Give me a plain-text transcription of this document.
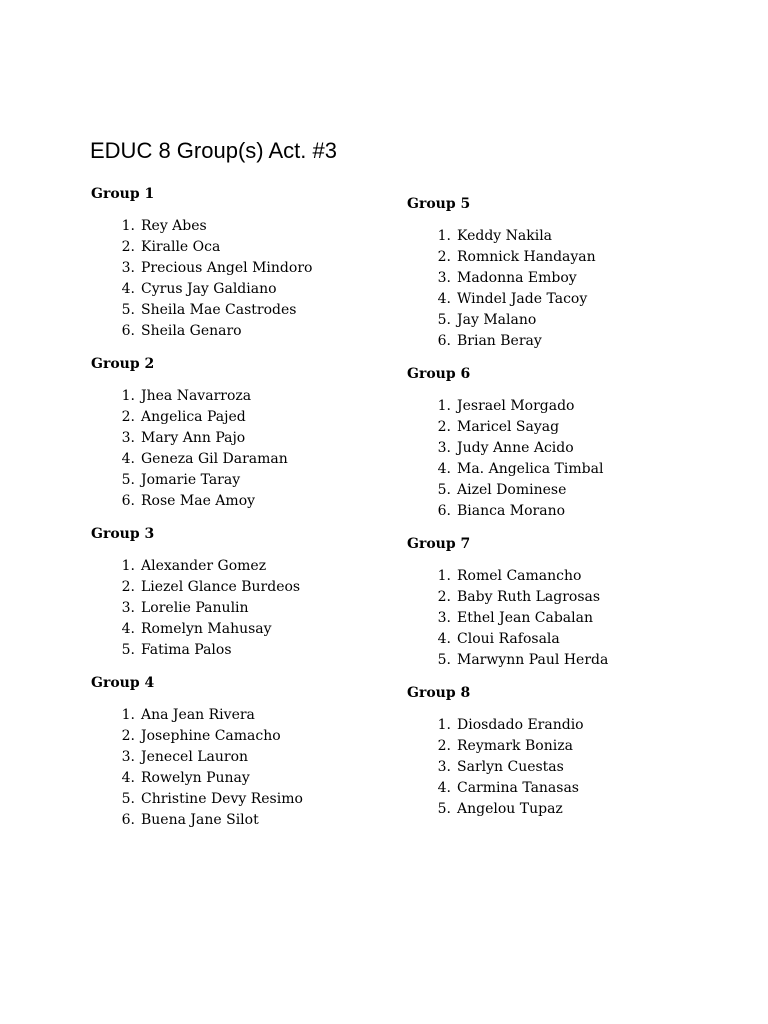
EDUC 8 Group(s) Act. #3
Group 1
1. Rey Abes
2. Kiralle Oca
3. Precious Angel Mindoro
4. Cyrus Jay Galdiano
5. Sheila Mae Castrodes
6. Sheila Genaro
Group 2
1. Jhea Navarroza
2. Angelica Pajed
3. Mary Ann Pajo
4. Geneza Gil Daraman
5. Jomarie Taray
6. Rose Mae Amoy
Group 3
1. Alexander Gomez
2. Liezel Glance Burdeos
3. Lorelie Panulin
4. Romelyn Mahusay
5. Fatima Palos
Group 4
1. Ana Jean Rivera
2. Josephine Camacho
3. Jenecel Lauron
4. Rowelyn Punay
5. Christine Devy Resimo
6. Buena Jane Silot
Group 5
1. Keddy Nakila
2. Romnick Handayan
3. Madonna Emboy
4. Windel Jade Tacoy
5. Jay Malano
6. Brian Beray
Group 6
1. Jesrael Morgado
2. Maricel Sayag
3. Judy Anne Acido
4. Ma. Angelica Timbal
5. Aizel Dominese
6. Bianca Morano
Group 7
1. Romel Camancho
2. Baby Ruth Lagrosas
3. Ethel Jean Cabalan
4. Cloui Rafosala
5. Marwynn Paul Herda
Group 8
1. Diosdado Erandio
2. Reymark Boniza
3. Sarlyn Cuestas
4. Carmina Tanasas
5. Angelou Tupaz
